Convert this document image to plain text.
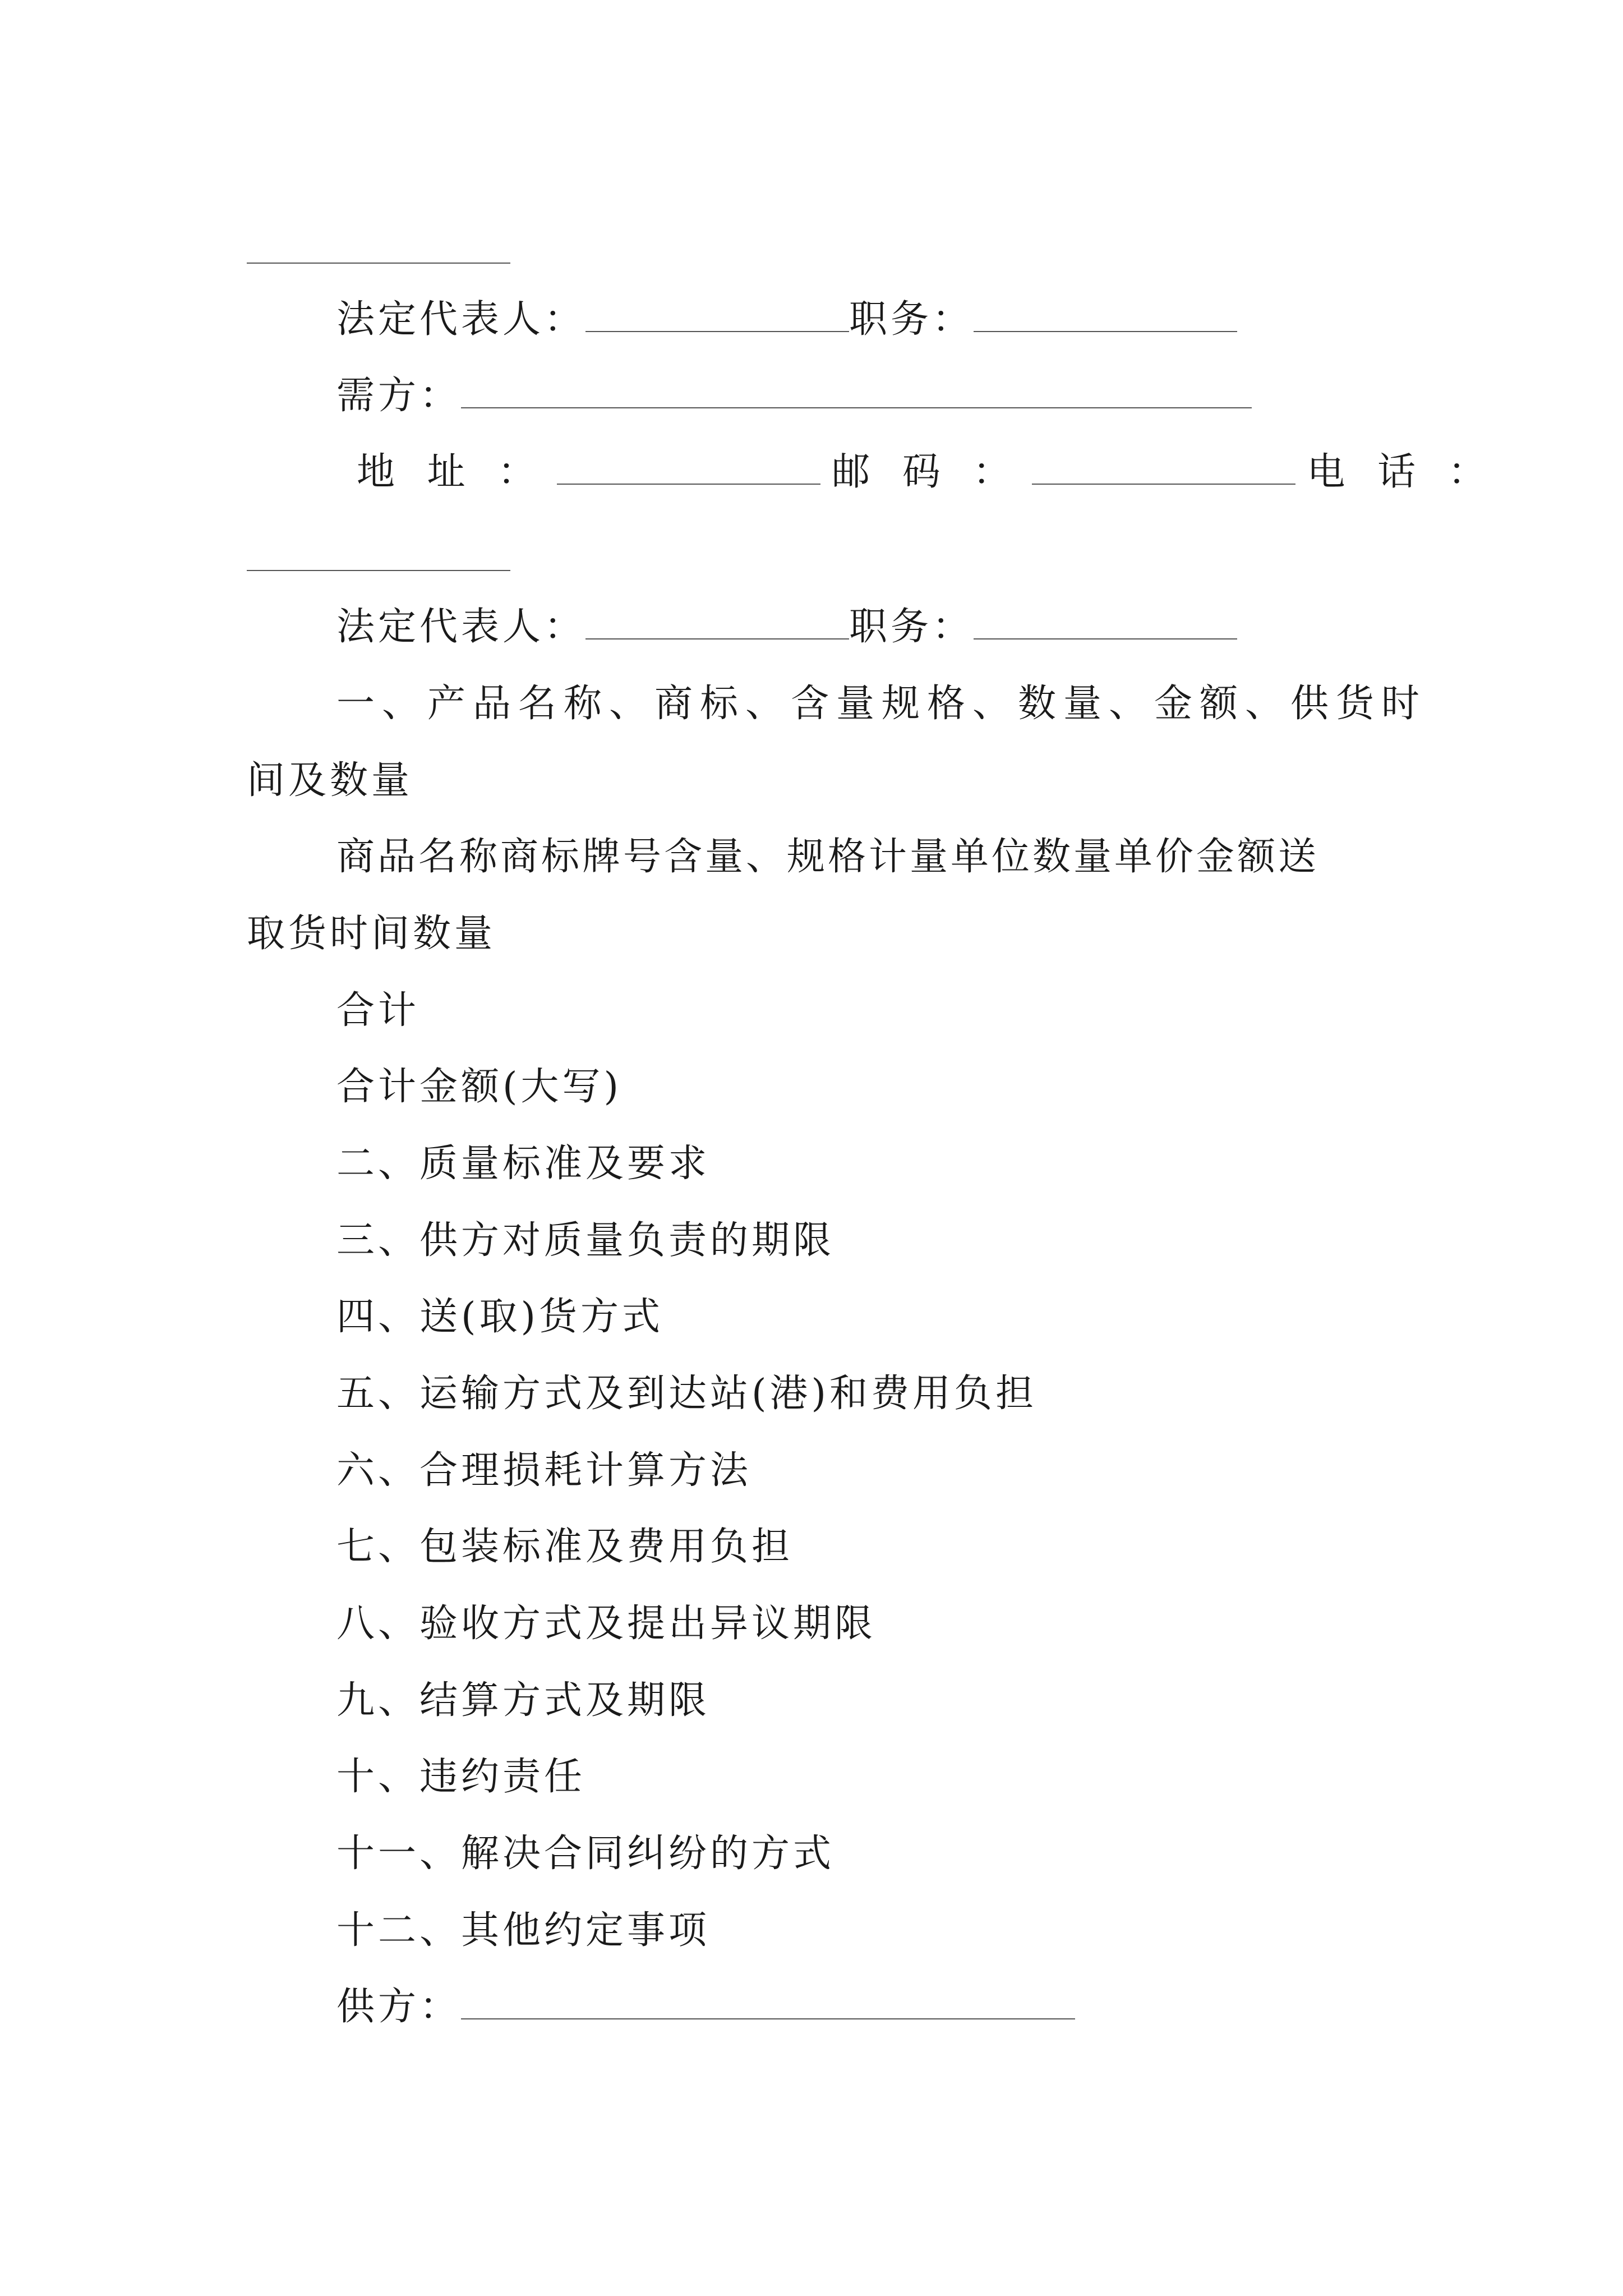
法定代表人：	职务：
需方：
地 址 ：	邮 码 ：	电 话 ：
法定代表人：	职务：
一、产品名称、商标、含量规格、数量、金额、供货时
间及数量
商品名称商标牌号含量、规格计量单位数量单价金额送
取货时间数量
合计
合计金额(大写)
二、质量标准及要求
三、供方对质量负责的期限
四、送(取)货方式
五、运输方式及到达站(港)和费用负担
六、合理损耗计算方法
七、包装标准及费用负担
八、验收方式及提出异议期限
九、结算方式及期限
十、违约责任
十一、解决合同纠纷的方式
十二、其他约定事项
供方：
